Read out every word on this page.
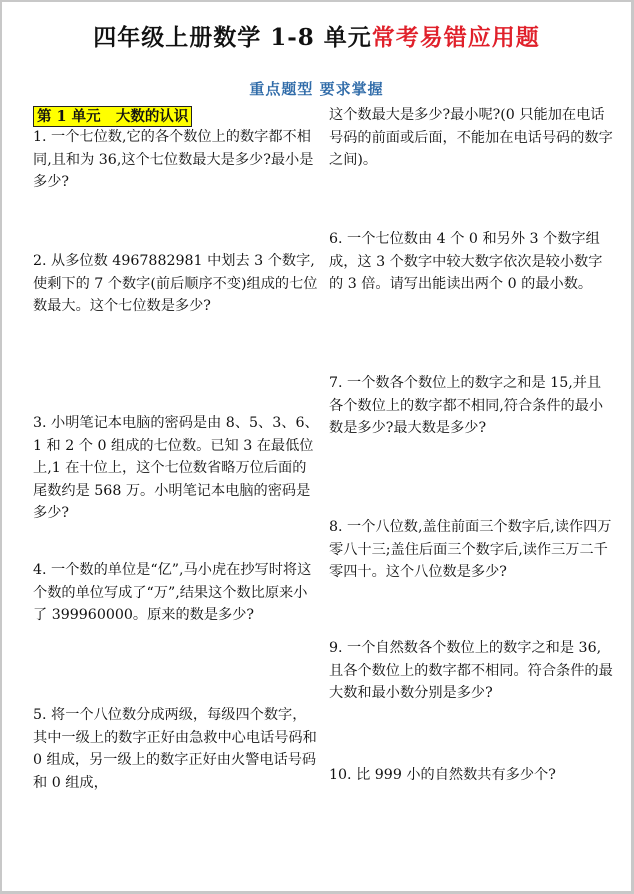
四年级上册数学 1-8 单元常考易错应用题
重点题型 要求掌握
第 1 单元   大数的认识
1. 一个七位数,它的各个数位上的数字都不相同,且和为 36,这个七位数最大是多少?最小是多少?
2. 从多位数 4967882981 中划去 3 个数字,使剩下的 7 个数字(前后顺序不变)组成的七位数最大。这个七位数是多少?
3. 小明笔记本电脑的密码是由 8、5、3、6、1 和 2 个 0 组成的七位数。已知 3 在最低位上,1 在十位上，这个七位数省略万位后面的尾数约是 568 万。小明笔记本电脑的密码是多少?
4. 一个数的单位是“亿”,马小虎在抄写时将这个数的单位写成了“万”,结果这个数比原来小了 399960000。原来的数是多少?
5. 将一个八位数分成两级，每级四个数字，其中一级上的数字正好由急救中心电话号码和 0 组成，另一级上的数字正好由火警电话号码和 0 组成，
这个数最大是多少?最小呢?(0 只能加在电话号码的前面或后面，不能加在电话号码的数字之间)。
6. 一个七位数由 4 个 0 和另外 3 个数字组成，这 3 个数字中较大数字依次是较小数字的 3 倍。请写出能读出两个 0 的最小数。
7. 一个数各个数位上的数字之和是 15,并且各个数位上的数字都不相同,符合条件的最小数是多少?最大数是多少?
8. 一个八位数,盖住前面三个数字后,读作四万零八十三;盖住后面三个数字后,读作三万二千零四十。这个八位数是多少?
9. 一个自然数各个数位上的数字之和是 36,且各个数位上的数字都不相同。符合条件的最大数和最小数分别是多少?
10. 比 999 小的自然数共有多少个?
